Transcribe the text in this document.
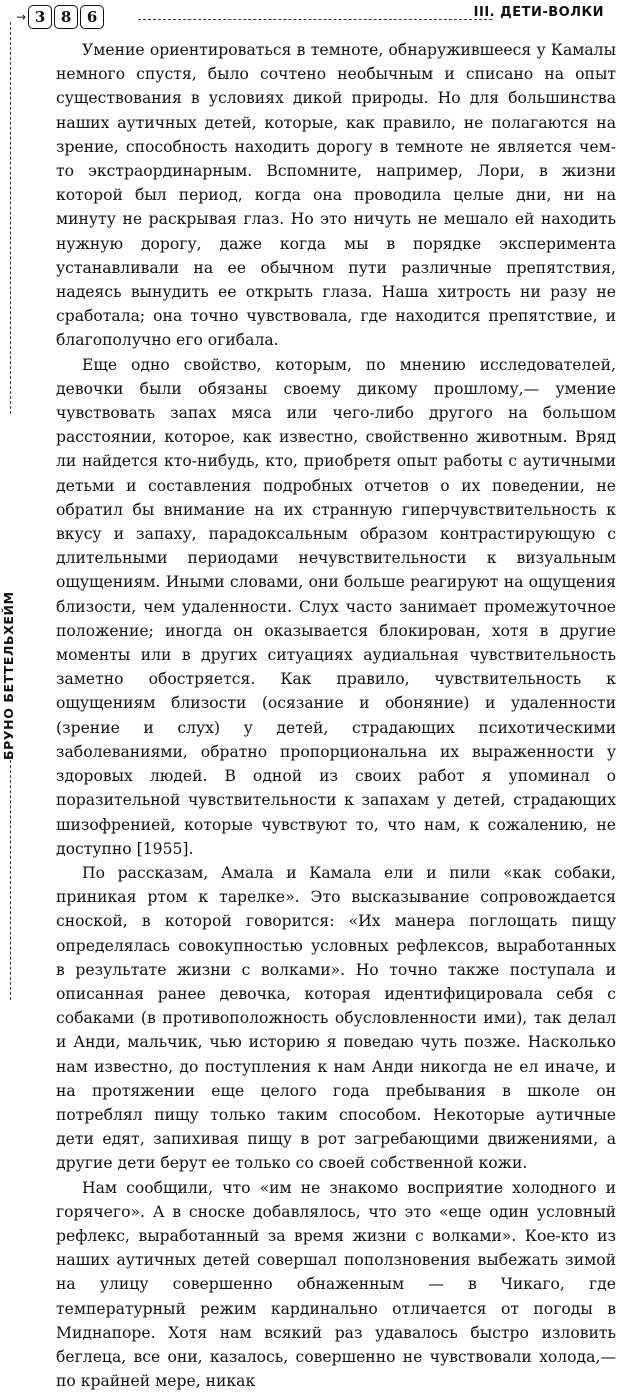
→ 3	8	6	III. ДЕТИ-ВОЛКИ
БРУНО БЕТТЕЛЬХЕЙМ

Умение ориентироваться в темноте, обнаружившееся у Камалы немного спустя, было сочтено необычным и списано на опыт существования в условиях дикой природы. Но для большинства наших аутичных детей, которые, как правило, не полагаются на зрение, способность находить дорогу в темноте не является чем-то экстраординарным. Вспомните, например, Лори, в жизни которой был период, когда она проводила целые дни, ни на минуту не раскрывая глаз. Но это ничуть не мешало ей находить нужную дорогу, даже когда мы в порядке эксперимента устанавливали на ее обычном пути различные препятствия, надеясь вынудить ее открыть глаза. Наша хитрость ни разу не сработала; она точно чувствовала, где находится препятствие, и благополучно его огибала.

Еще одно свойство, которым, по мнению исследователей, девочки были обязаны своему дикому прошлому,— умение чувствовать запах мяса или чего-либо другого на большом расстоянии, которое, как известно, свойственно животным. Вряд ли найдется кто-нибудь, кто, приобретя опыт работы с аутичными детьми и составления подробных отчетов о их поведении, не обратил бы внимание на их странную гиперчувствительность к вкусу и запаху, парадоксальным образом контрастирующую с длительными периодами нечувствительности к визуальным ощущениям. Иными словами, они больше реагируют на ощущения близости, чем удаленности. Слух часто занимает промежуточное положение; иногда он оказывается блокирован, хотя в другие моменты или в других ситуациях аудиальная чувствительность заметно обостряется. Как правило, чувствительность к ощущениям близости (осязание и обоняние) и удаленности (зрение и слух) у детей, страдающих психотическими заболеваниями, обратно пропорциональна их выраженности у здоровых людей. В одной из своих работ я упоминал о поразительной чувствительности к запахам у детей, страдающих шизофренией, которые чувствуют то, что нам, к сожалению, не доступно [1955].

По рассказам, Амала и Камала ели и пили «как собаки, приникая ртом к тарелке». Это высказывание сопровождается сноской, в которой говорится: «Их манера поглощать пищу определялась совокупностью условных рефлексов, выработанных в результате жизни с волками». Но точно также поступала и описанная ранее девочка, которая идентифицировала себя с собаками (в противоположность обусловленности ими), так делал и Анди, мальчик, чью историю я поведаю чуть позже. Насколько нам известно, до поступления к нам Анди никогда не ел иначе, и на протяжении еще целого года пребывания в школе он потреблял пищу только таким способом. Некоторые аутичные дети едят, запихивая пищу в рот загребающими движениями, а другие дети берут ее только со своей собственной кожи.

Нам сообщили, что «им не знакомо восприятие холодного и горячего». А в сноске добавлялось, что это «еще один условный рефлекс, выработанный за время жизни с волками». Кое-кто из наших аутичных детей совершал поползновения выбежать зимой на улицу совершенно обнаженным — в Чикаго, где температурный режим кардинально отличается от погоды в Миднапоре. Хотя нам всякий раз удавалось быстро изловить беглеца, все они, казалось, совершенно не чувствовали холода,— по крайней мере, никак
